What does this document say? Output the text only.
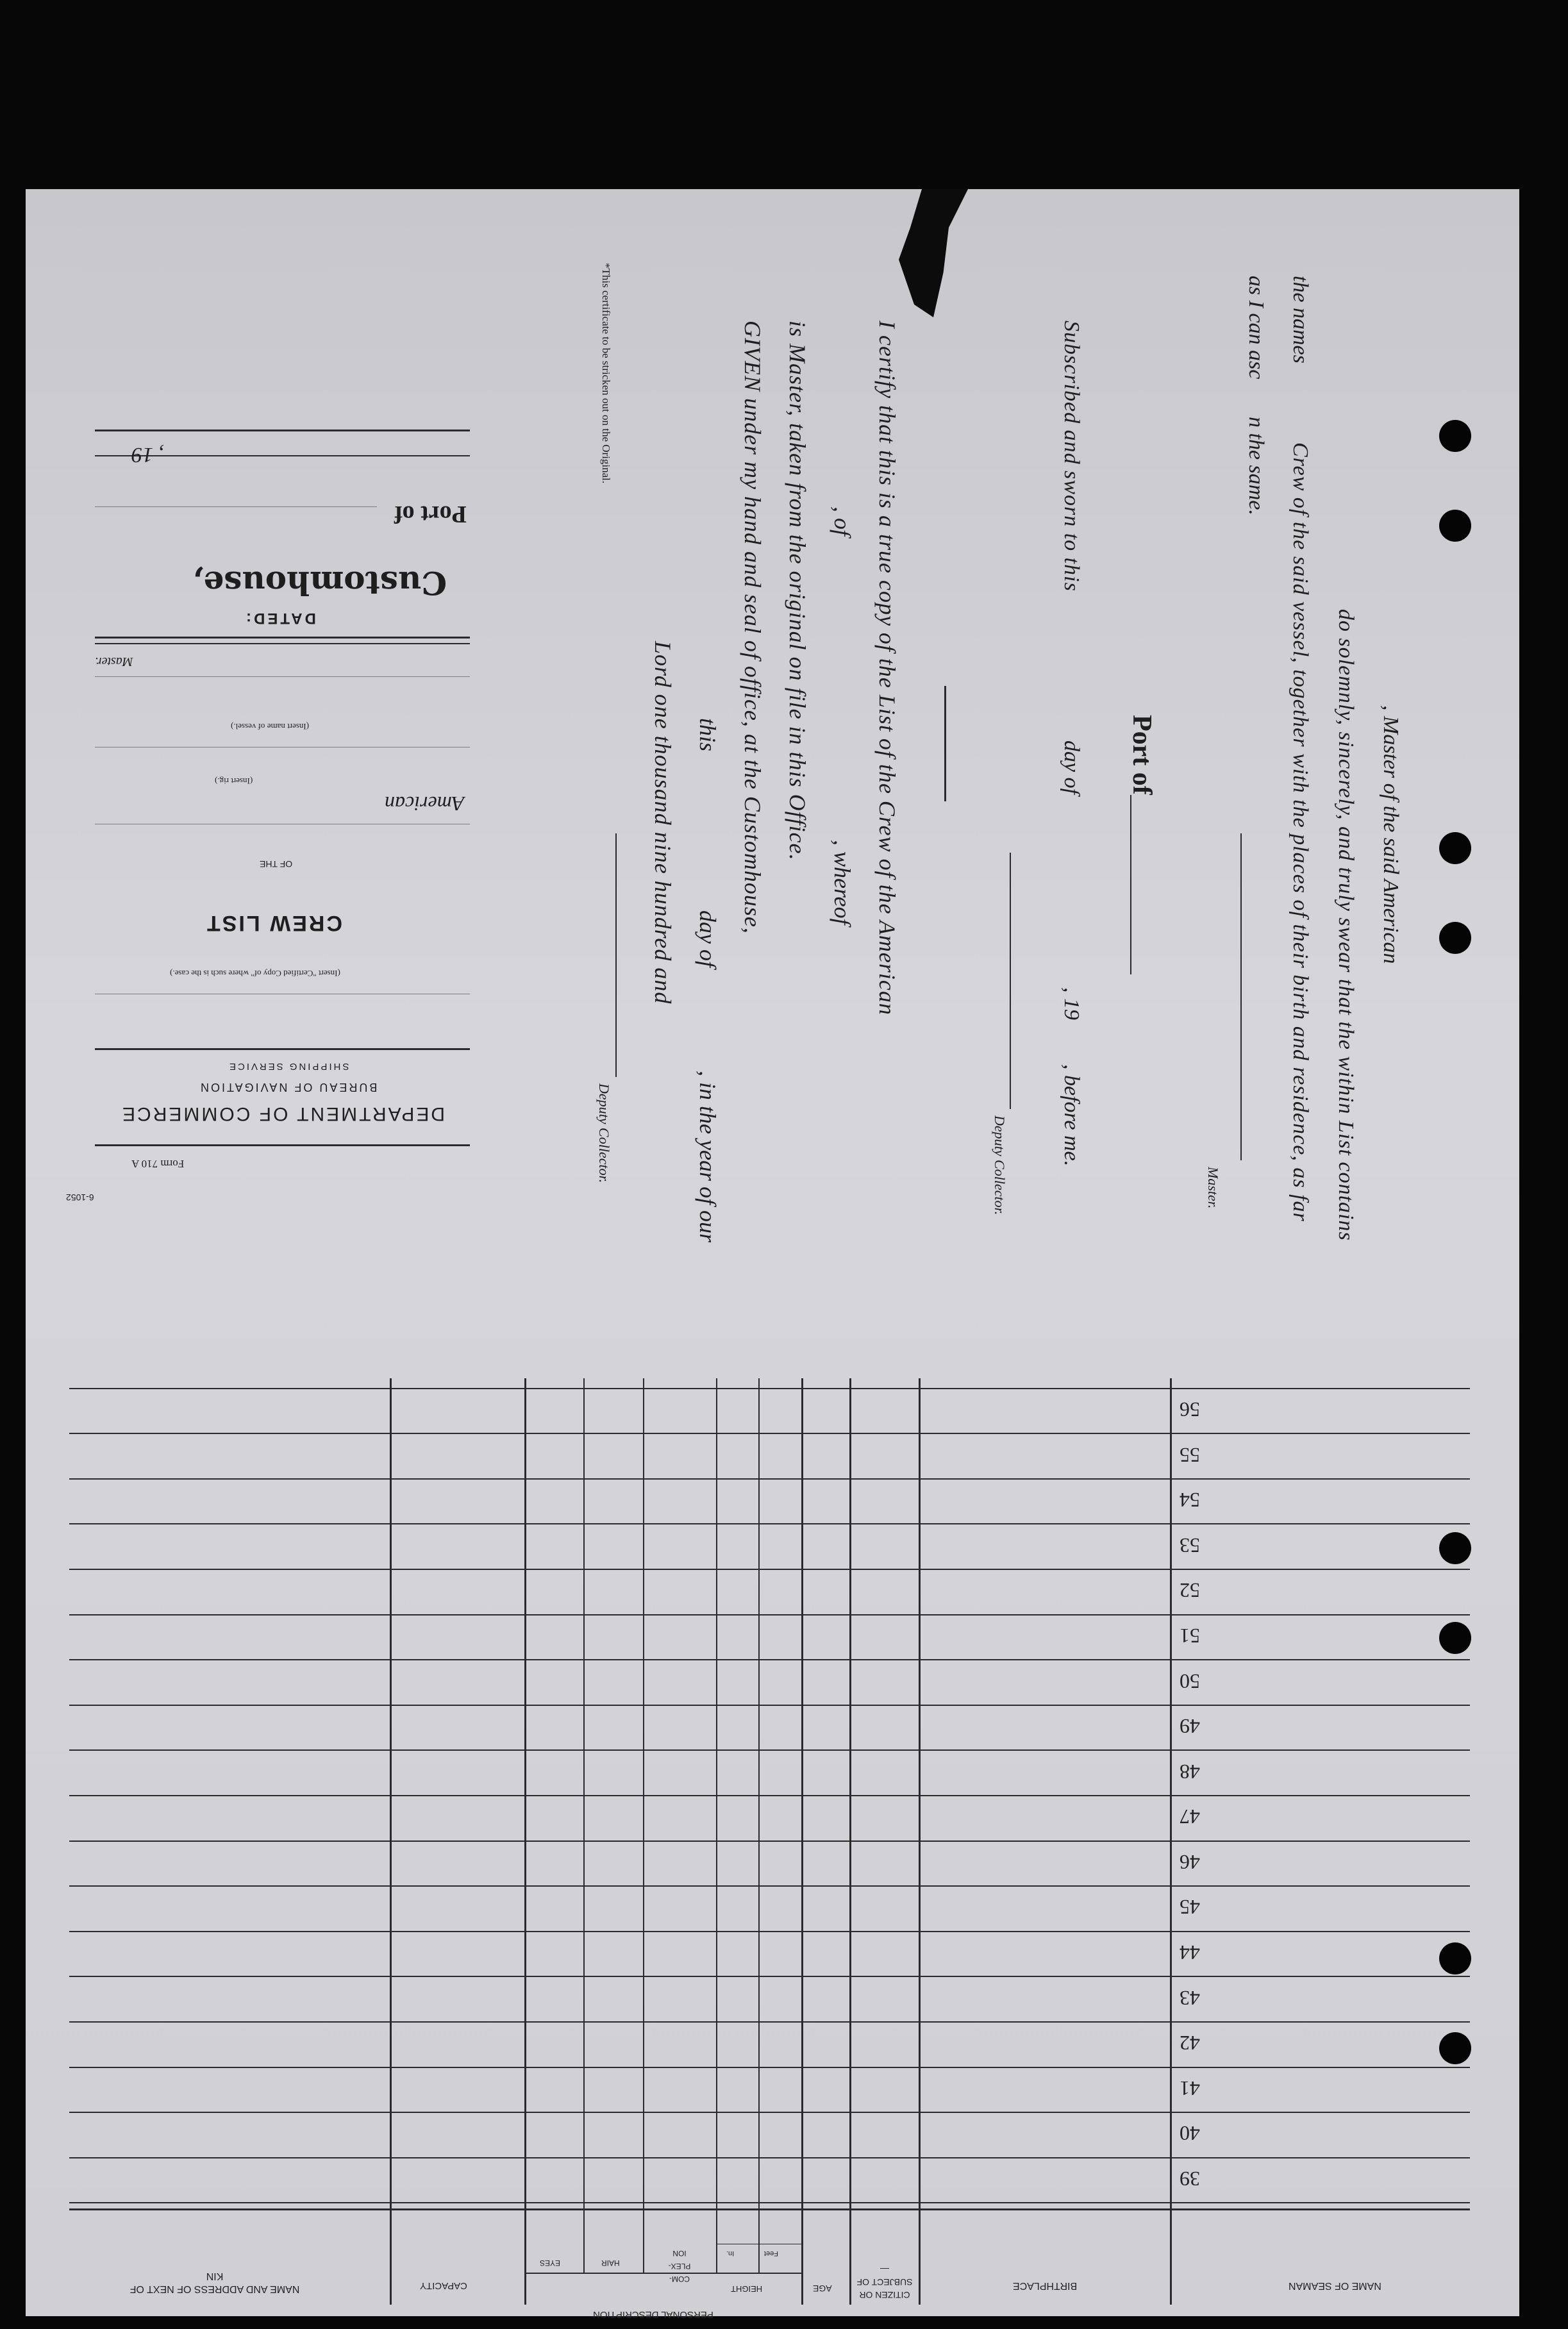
, Master of the said American
do solemnly, sincerely, and truly swear that the within List contains
the names
Crew of the said vessel, together with the places of their birth and residence, as far
as I can asc
n the same.
Master.
Port of
Subscribed and sworn to this
day of
, 19
, before me.
Deputy Collector.
I certify that this is a true copy of the List of the Crew of the American
, of
, whereof
is Master, taken from the original on file in this Office.
GIVEN under my hand and seal of office, at the Customhouse,
this
day of
, in the year of our
Lord one thousand nine hundred and
Deputy Collector.
*This certificate to be stricken out on the Original.
, 19
Port of
Customhouse,
DATED:
Master.
(Insert name of vessel.)
(Insert rig.)
American
OF THE
CREW LIST
(Insert "Certified Copy of" where such is the case.)
SHIPPING SERVICE
BUREAU OF NAVIGATION
DEPARTMENT OF COMMERCE
Form 710 A
6-1052
39
40
41
42
43
44
45
46
47
48
49
50
51
52
53
54
55
56
NAME OF SEAMAN
BIRTHPLACE
CITIZEN OR SUBJECT OF—
AGE
PERSONAL DESCRIPTION
HEIGHT
Feet
In.
COM- PLEX- ION
HAIR
EYES
CAPACITY
NAME AND ADDRESS OF NEXT OF KIN
